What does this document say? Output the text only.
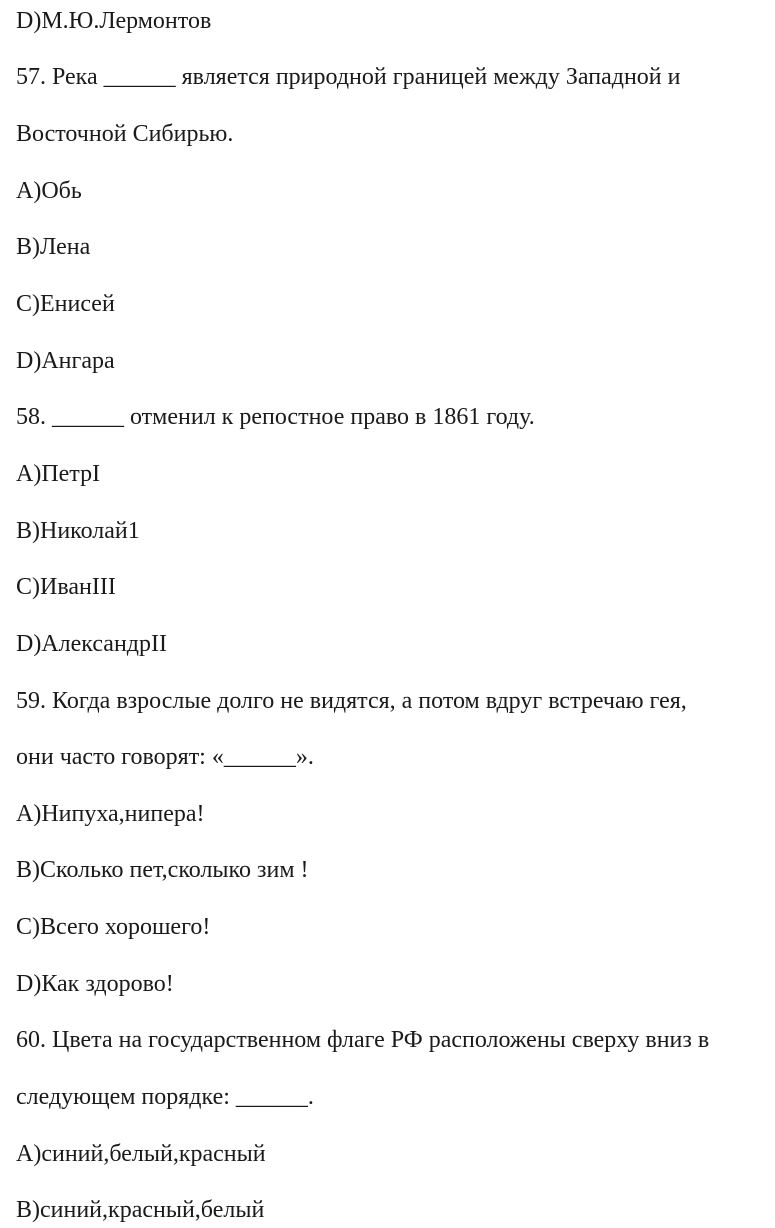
D)М.Ю.Лермонтов
57. Река ______ является природной границей между Западной и
Восточной Сибирью.
A)Обь
B)Лена
C)Енисей
D)Ангара
58. ______ отменил к репостное право в 1861 году.
A)ПетрI
B)Николай1
C)ИванIII
D)АлександрII
59. Когда взрослые долго не видятся, а потом вдруг встречаю гея,
они часто говорят: «______».
A)Нипуха,нипера!
B)Сколько пет,сколыко зим !
C)Всего хорошего!
D)Как здорово!
60. Цвета на государственном флаге РФ расположены сверху вниз в
следующем порядке: ______.
A)синий,белый,красный
B)синий,красный,белый
